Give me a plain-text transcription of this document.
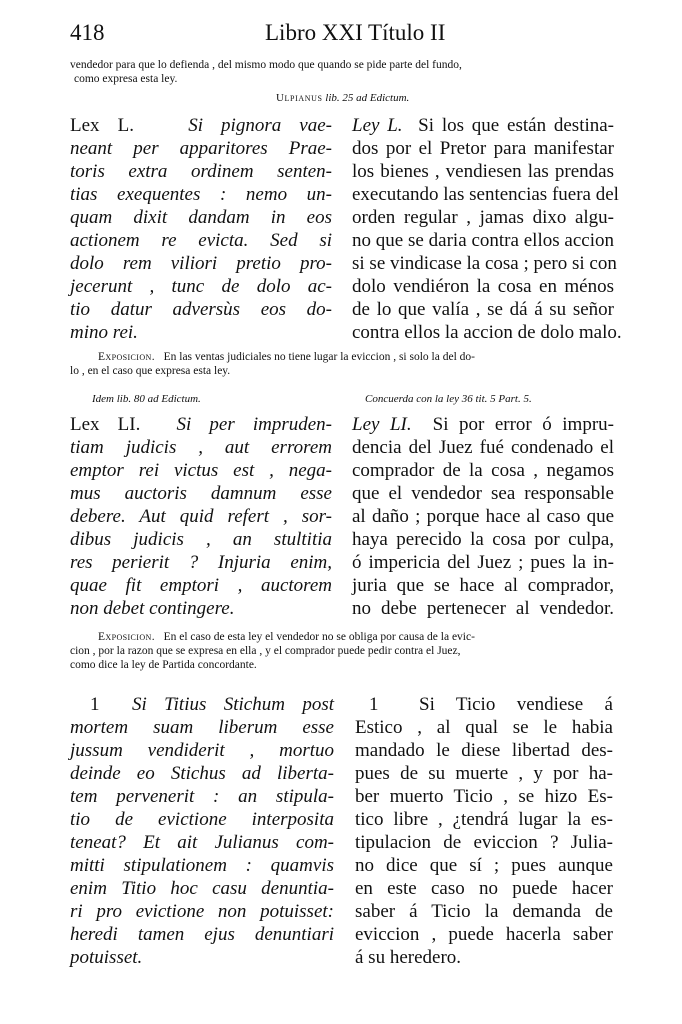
418	Libro XXI Título II
vendedor para que lo defienda , del mismo modo que quando se pide parte del fundo,
como expresa esta ley.
Ulpianus lib. 25 ad Edictum.
Lex L.	Si pignora vae-
neant per apparitores Prae-
toris extra ordinem senten-
tias exequentes : nemo un-
quam dixit dandam in eos
actionem re evicta. Sed si
dolo rem viliori pretio pro-
jecerunt , tunc de dolo ac-
tio datur adversùs eos do-
mino rei.
Ley L. Si los que están destina-
dos por el Pretor para manifestar
los bienes , vendiesen las prendas
executando las sentencias fuera del
orden regular , jamas dixo algu-
no que se daria contra ellos accion
si se vindicase la cosa ; pero si con
dolo vendiéron la cosa en ménos
de lo que valía , se dá á su señor
contra ellos la accion de dolo malo.
Exposicion. En las ventas judiciales no tiene lugar la eviccion , si solo la del do-
lo , en el caso que expresa esta ley.
Idem lib. 80 ad Edictum.	Concuerda con la ley 36 tit. 5 Part. 5.
Lex LI. Si per impruden-
tiam judicis , aut errorem
emptor rei victus est , nega-
mus auctoris damnum esse
debere. Aut quid refert , sor-
dibus judicis , an stultitia
res perierit ? Injuria enim,
quae fit emptori , auctorem
non debet contingere.
Ley LI. Si por error ó impru-
dencia del Juez fué condenado el
comprador de la cosa , negamos
que el vendedor sea responsable
al daño ; porque hace al caso que
haya perecido la cosa por culpa,
ó impericia del Juez ; pues la in-
juria que se hace al comprador,
no debe pertenecer al vendedor.
Exposicion. En el caso de esta ley el vendedor no se obliga por causa de la evic-
cion , por la razon que se expresa en ella , y el comprador puede pedir contra el Juez,
como dice la ley de Partida concordante.
1 Si Titius Stichum post
mortem suam liberum esse
jussum vendiderit , mortuo
deinde eo Stichus ad liberta-
tem pervenerit : an stipula-
tio de evictione interposita
teneat? Et ait Julianus com-
mitti stipulationem : quamvis
enim Titio hoc casu denuntia-
ri pro evictione non potuisset:
heredi tamen ejus denuntiari
potuisset.
1 Si Ticio vendiese á
Estico , al qual se le habia
mandado le diese libertad des-
pues de su muerte , y por ha-
ber muerto Ticio , se hizo Es-
tico libre , ¿tendrá lugar la es-
tipulacion de eviccion ? Julia-
no dice que sí ; pues aunque
en este caso no puede hacer
saber á Ticio la demanda de
eviccion , puede hacerla saber
á su heredero.
